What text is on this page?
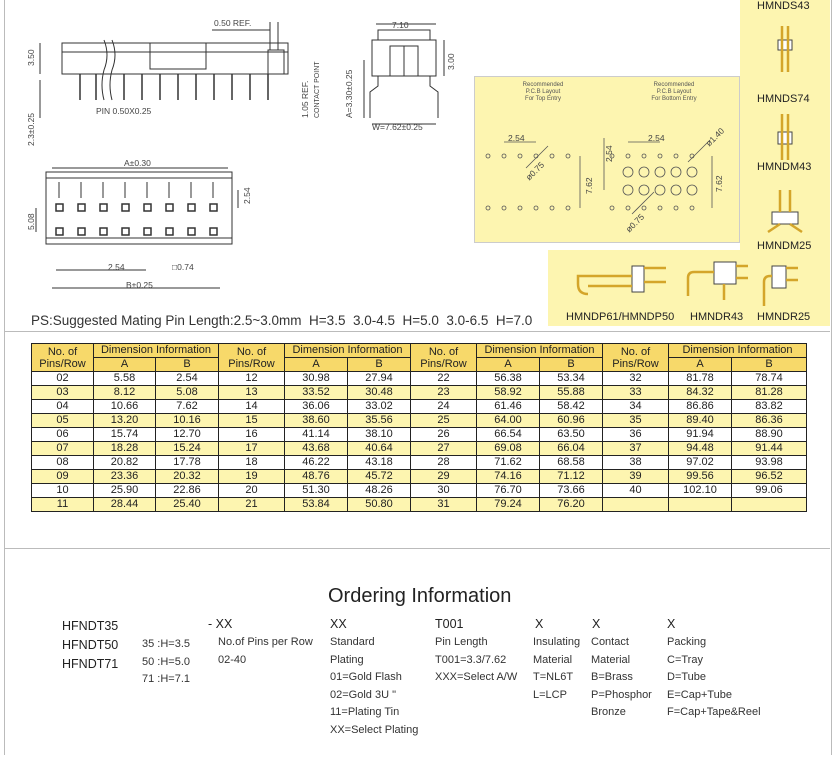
0.50 REF.
3.50
2.3±0.25
PIN 0.50X0.25	1.05 REF. CONTACT POINT
7.10
3.00
A=3.30±0.25
W=7.62±0.25
A±0.30
2.54
5.08
2.54	□0.74
B±0.25
Recommended
P.C.B Layout
For Top Entry
Recommended
P.C.B Layout
For Bottom Entry
2.54
ø0.75
7.62
2.54
2.54	ø1.40
7.62
ø0.75
HMNDS43
HMNDS74
HMNDM43
HMNDM25
HMNDP61/HMNDP50 HMNDR43 HMNDR25
PS:Suggested Mating Pin Length:2.5~3.0mm  H=3.5  3.0-4.5  H=5.0  3.0-6.5  H=7.0
No. of Pins/Row	Dimension Information		No. of Pins/Row	Dimension Information		No. of Pins/Row	Dimension Information		No. of Pins/Row	Dimension Information	
	A	B		A	B		A	B		A	B
02	5.58	2.54	12	30.98	27.94	22	56.38	53.34	32	81.78	78.74
03	8.12	5.08	13	33.52	30.48	23	58.92	55.88	33	84.32	81.28
04	10.66	7.62	14	36.06	33.02	24	61.46	58.42	34	86.86	83.82
05	13.20	10.16	15	38.60	35.56	25	64.00	60.96	35	89.40	86.36
06	15.74	12.70	16	41.14	38.10	26	66.54	63.50	36	91.94	88.90
07	18.28	15.24	17	43.68	40.64	27	69.08	66.04	37	94.48	91.44
08	20.82	17.78	18	46.22	43.18	28	71.62	68.58	38	97.02	93.98
09	23.36	20.32	19	48.76	45.72	29	74.16	71.12	39	99.56	96.52
10	25.90	22.86	20	51.30	48.26	30	76.70	73.66	40	102.10	99.06
11	28.44	25.40	21	53.84	50.80	31	79.24	76.20			
Ordering Information
HFNDT35
HFNDT50
HFNDT71
35 :H=3.5
50 :H=5.0
71 :H=7.1
- XX
No.of Pins per Row
02-40
XX
Standard
Plating
01=Gold Flash
02=Gold 3U "
11=Plating Tin
XX=Select Plating
T001
Pin Length
T001=3.3/7.62
XXX=Select A/W
X
Insulating
Material
T=NL6T
L=LCP
X
Contact
Material
B=Brass
P=Phosphor
Bronze
X
Packing
C=Tray
D=Tube
E=Cap+Tube
F=Cap+Tape&Reel
